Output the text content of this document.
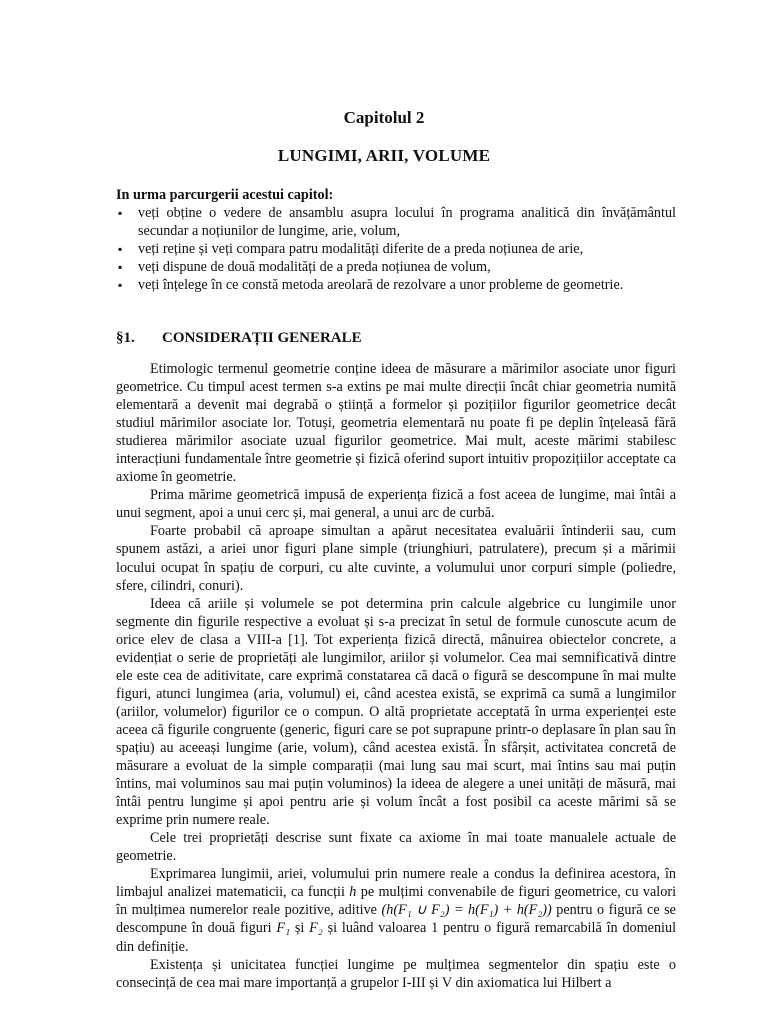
Capitolul 2
LUNGIMI, ARII, VOLUME
In urma parcurgerii acestui capitol:
▪ veți obține o vedere de ansamblu asupra locului în programa analitică din învățământul secundar a noțiunilor de lungime, arie, volum,
▪ veți reține și veți compara patru modalități diferite de a preda noțiunea de arie,
▪ veți dispune de două modalități de a preda noțiunea de volum,
▪ veți înțelege în ce constă metoda areolară de rezolvare a unor probleme de geometrie.
§1. CONSIDERAȚII GENERALE

Etimologic termenul geometrie conține ideea de măsurare a mărimilor asociate unor figuri geometrice. Cu timpul acest termen s-a extins pe mai multe direcții încât chiar geometria numită elementară a devenit mai degrabă o știință a formelor și pozițiilor figurilor geometrice decât studiul mărimilor asociate lor. Totuși, geometria elementară nu poate fi pe deplin înțeleasă fără studierea mărimilor asociate uzual figurilor geometrice. Mai mult, aceste mărimi stabilesc interacțiuni fundamentale între geometrie și fizică oferind suport intuitiv propozițiilor acceptate ca axiome în geometrie.

Prima mărime geometrică impusă de experiența fizică a fost aceea de lungime, mai întâi a unui segment, apoi a unui cerc și, mai general, a unui arc de curbă.

Foarte probabil că aproape simultan a apărut necesitatea evaluării întinderii sau, cum spunem astăzi, a ariei unor figuri plane simple (triunghiuri, patrulatere), precum și a mărimii locului ocupat în spațiu de corpuri, cu alte cuvinte, a volumului unor corpuri simple (poliedre, sfere, cilindri, conuri).

Ideea că ariile și volumele se pot determina prin calcule algebrice cu lungimile unor segmente din figurile respective a evoluat și s-a precizat în setul de formule cunoscute acum de orice elev de clasa a VIII-a [1]. Tot experiența fizică directă, mânuirea obiectelor concrete, a evidențiat o serie de proprietăți ale lungimilor, ariilor și volumelor. Cea mai semnificativă dintre ele este cea de aditivitate, care exprimă constatarea că dacă o figură se descompune în mai multe figuri, atunci lungimea (aria, volumul) ei, când acestea există, se exprimă ca sumă a lungimilor (ariilor, volumelor) figurilor ce o compun. O altă proprietate acceptată în urma experienței este aceea că figurile congruente (generic, figuri care se pot suprapune printr-o deplasare în plan sau în spațiu) au aceeași lungime (arie, volum), când acestea există. În sfârșit, activitatea concretă de măsurare a evoluat de la simple comparații (mai lung sau mai scurt, mai întins sau mai puțin întins, mai voluminos sau mai puțin voluminos) la ideea de alegere a unei unități de măsură, mai întâi pentru lungime și apoi pentru arie și volum încât a fost posibil ca aceste mărimi să se exprime prin numere reale.

Cele trei proprietăți descrise sunt fixate ca axiome în mai toate manualele actuale de geometrie.

Exprimarea lungimii, ariei, volumului prin numere reale a condus la definirea acestora, în limbajul analizei matematicii, ca funcții h pe mulțimi convenabile de figuri geometrice, cu valori în mulțimea numerelor reale pozitive, aditive (h(F₁ ∪ F₂) = h(F₁) + h(F₂)) pentru o figură ce se descompune în două figuri F₁ și F₂ și luând valoarea 1 pentru o figură remarcabilă în domeniul din definiție.

Existența și unicitatea funcției lungime pe mulțimea segmentelor din spațiu este o consecință de cea mai mare importanță a grupelor I-III și V din axiomatica lui Hilbert a
